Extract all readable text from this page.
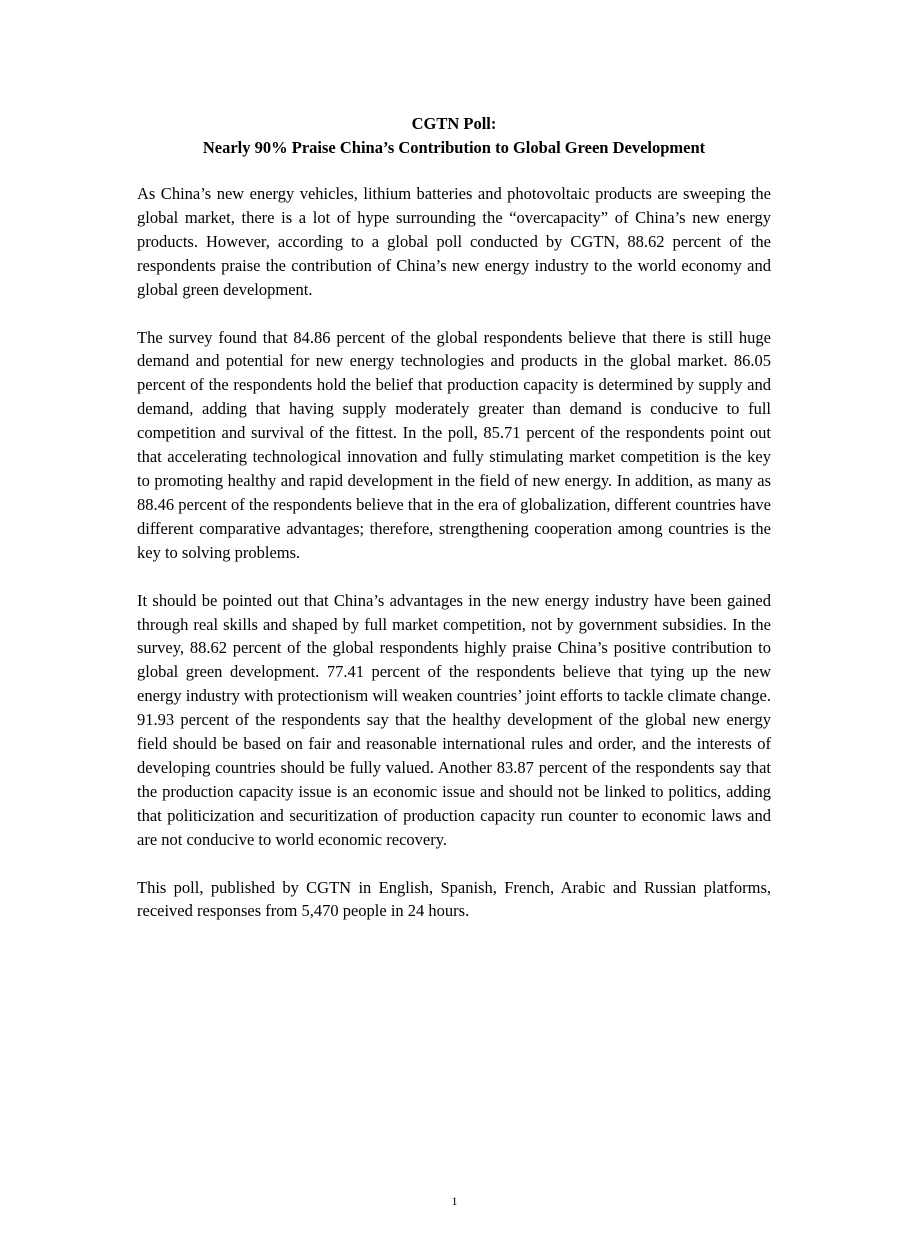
CGTN Poll:
Nearly 90% Praise China’s Contribution to Global Green Development

As China’s new energy vehicles, lithium batteries and photovoltaic products are sweeping the global market, there is a lot of hype surrounding the “overcapacity” of China’s new energy products. However, according to a global poll conducted by CGTN, 88.62 percent of the respondents praise the contribution of China’s new energy industry to the world economy and global green development.

The survey found that 84.86 percent of the global respondents believe that there is still huge demand and potential for new energy technologies and products in the global market. 86.05 percent of the respondents hold the belief that production capacity is determined by supply and demand, adding that having supply moderately greater than demand is conducive to full competition and survival of the fittest. In the poll, 85.71 percent of the respondents point out that accelerating technological innovation and fully stimulating market competition is the key to promoting healthy and rapid development in the field of new energy. In addition, as many as 88.46 percent of the respondents believe that in the era of globalization, different countries have different comparative advantages; therefore, strengthening cooperation among countries is the key to solving problems.

It should be pointed out that China’s advantages in the new energy industry have been gained through real skills and shaped by full market competition, not by government subsidies. In the survey, 88.62 percent of the global respondents highly praise China’s positive contribution to global green development. 77.41 percent of the respondents believe that tying up the new energy industry with protectionism will weaken countries’ joint efforts to tackle climate change. 91.93 percent of the respondents say that the healthy development of the global new energy field should be based on fair and reasonable international rules and order, and the interests of developing countries should be fully valued. Another 83.87 percent of the respondents say that the production capacity issue is an economic issue and should not be linked to politics, adding that politicization and securitization of production capacity run counter to economic laws and are not conducive to world economic recovery.

This poll, published by CGTN in English, Spanish, French, Arabic and Russian platforms, received responses from 5,470 people in 24 hours.

1
